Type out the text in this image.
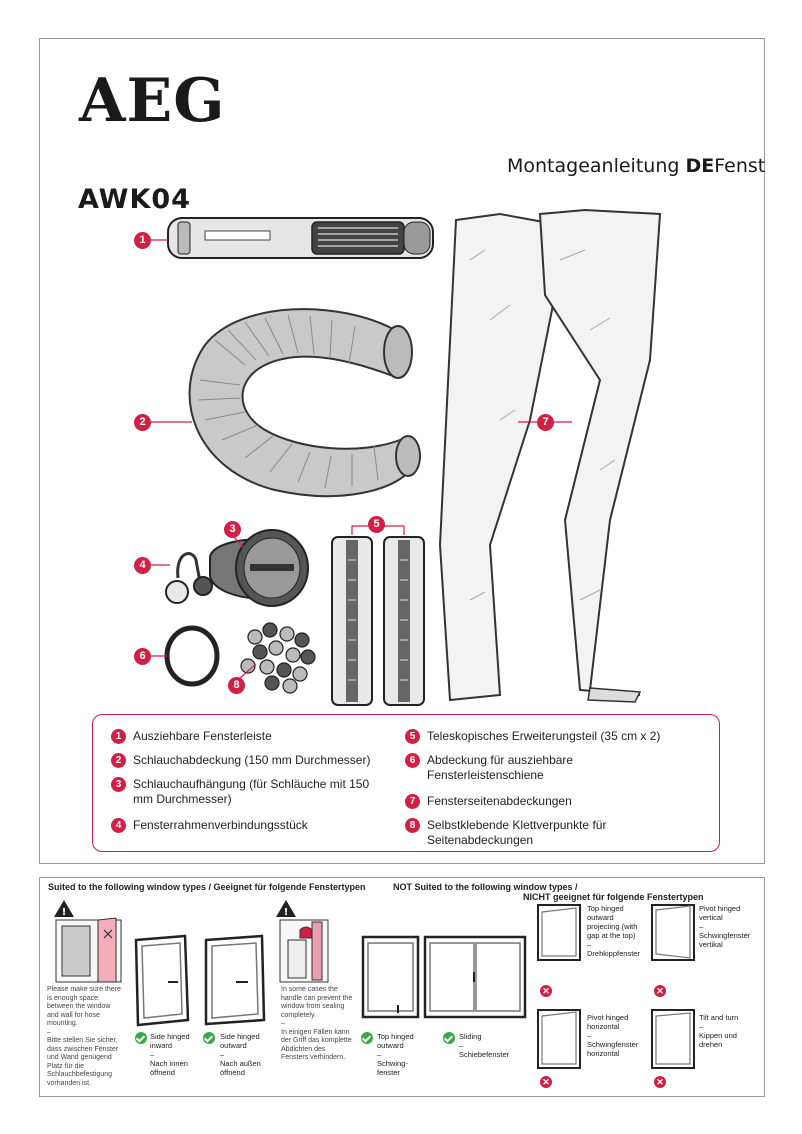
AEG
Montageanleitung DEFenst
AWK04
1
2
3
4
5
6
7
8
1 Ausziehbare Fensterleiste
2 Schlauchabdeckung (150 mm Durchmesser)
3 Schlauchaufhängung (für Schläuche mit 150 mm Durchmesser)
4 Fensterrahmenverbindungsstück
5 Teleskopisches Erweiterungsteil (35 cm x 2)
6 Abdeckung für ausziehbare Fensterleistenschiene
7 Fensterseitenabdeckungen
8 Selbstklebende Klettverpunkte für Seitenabdeckungen
Suited to the following window types / Geeignet für folgende Fenstertypen	NOT Suited to the following window types /
NICHT geeignet für folgende Fenstertypen
!	!
Please make sure there is enough space between the window and wall for hose mounting.
–
Bitte stellen Sie sicher, dass zwischen Fenster und Wand genügend Platz für die Schlauchbefestigung vorhanden ist.
In some cases the handle can prevent the window from sealing completely.
–
In einigen Fällen kann der Griff das komplette Abdichten des Fensters verhindern.
Side hinged inward
–
Nach innen öffnend
Side hinged outward
–
Nach außen öffnend
Top hinged outward
–
Schwing-fenster
Sliding
–
Schiebefenster
Top hinged outward projecting (with gap at the top)
–
Drehkippfenster
✕
Pivot hinged vertical
–
Schwingfenster vertikal
✕
Pivot hinged horizontal
–
Schwingfenster horizontal
✕
Tilt and turn
–
Kippen und drehen
✕
